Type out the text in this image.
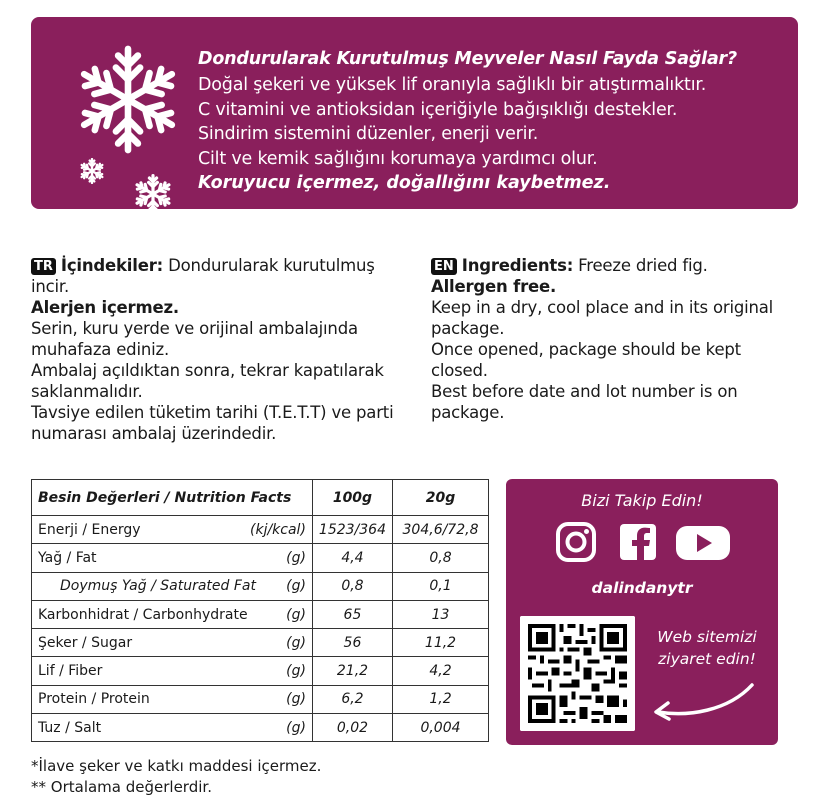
Dondurularak Kurutulmuş Meyveler Nasıl Fayda Sağlar?
Doğal şekeri ve yüksek lif oranıyla sağlıklı bir atıştırmalıktır.
C vitamini ve antioksidan içeriğiyle bağışıklığı destekler.
Sindirim sistemini düzenler, enerji verir.
Cilt ve kemik sağlığını korumaya yardımcı olur.
Koruyucu içermez, doğallığını kaybetmez.
TR İçindekiler: Dondurularak kurutulmuş incir.
Alerjen içermez.
Serin, kuru yerde ve orijinal ambalajında muhafaza ediniz.
Ambalaj açıldıktan sonra, tekrar kapatılarak saklanmalıdır.
Tavsiye edilen tüketim tarihi (T.E.T.T) ve parti numarası ambalaj üzerindedir.
EN Ingredients: Freeze dried fig.
Allergen free.
Keep in a dry, cool place and in its original package.
Once opened, package should be kept closed.
Best before date and lot number is on package.
Besin Değerleri / Nutrition Facts	100g	20g
Enerji / Energy (kj/kcal)	1523/364	304,6/72,8
Yağ / Fat (g)	4,4	0,8
Doymuş Yağ / Saturated Fat (g)	0,8	0,1
Karbonhidrat / Carbonhydrate (g)	65	13
Şeker / Sugar (g)	56	11,2
Lif / Fiber (g)	21,2	4,2
Protein / Protein (g)	6,2	1,2
Tuz / Salt (g)	0,02	0,004
*İlave şeker ve katkı maddesi içermez.
** Ortalama değerlerdir.
Bizi Takip Edin!
dalindanytr
Web sitemizi
ziyaret edin!
